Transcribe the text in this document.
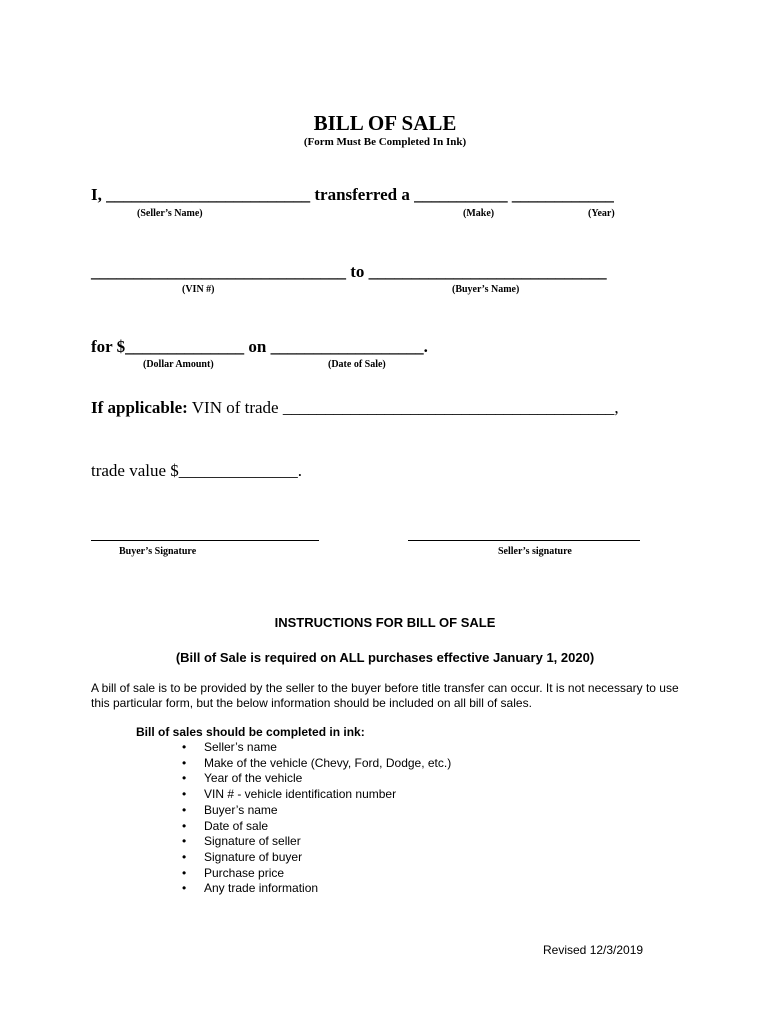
BILL OF SALE
(Form Must Be Completed In Ink)
I, ________________________ transferred a ___________ ____________
(Seller’s Name)	(Make)	(Year)
______________________________ to ____________________________
(VIN #)	(Buyer’s Name)
for $______________ on __________________.
(Dollar Amount)	(Date of Sale)
If applicable: VIN of trade _______________________________________,
trade value $______________.
Buyer’s Signature	Seller’s signature
INSTRUCTIONS FOR BILL OF SALE
(Bill of Sale is required on ALL purchases effective January 1, 2020)
A bill of sale is to be provided by the seller to the buyer before title transfer can occur. It is not necessary to use this particular form, but the below information should be included on all bill of sales.
Bill of sales should be completed in ink:
• Seller’s name
• Make of the vehicle (Chevy, Ford, Dodge, etc.)
• Year of the vehicle
• VIN # - vehicle identification number
• Buyer’s name
• Date of sale
• Signature of seller
• Signature of buyer
• Purchase price
• Any trade information
Revised 12/3/2019
